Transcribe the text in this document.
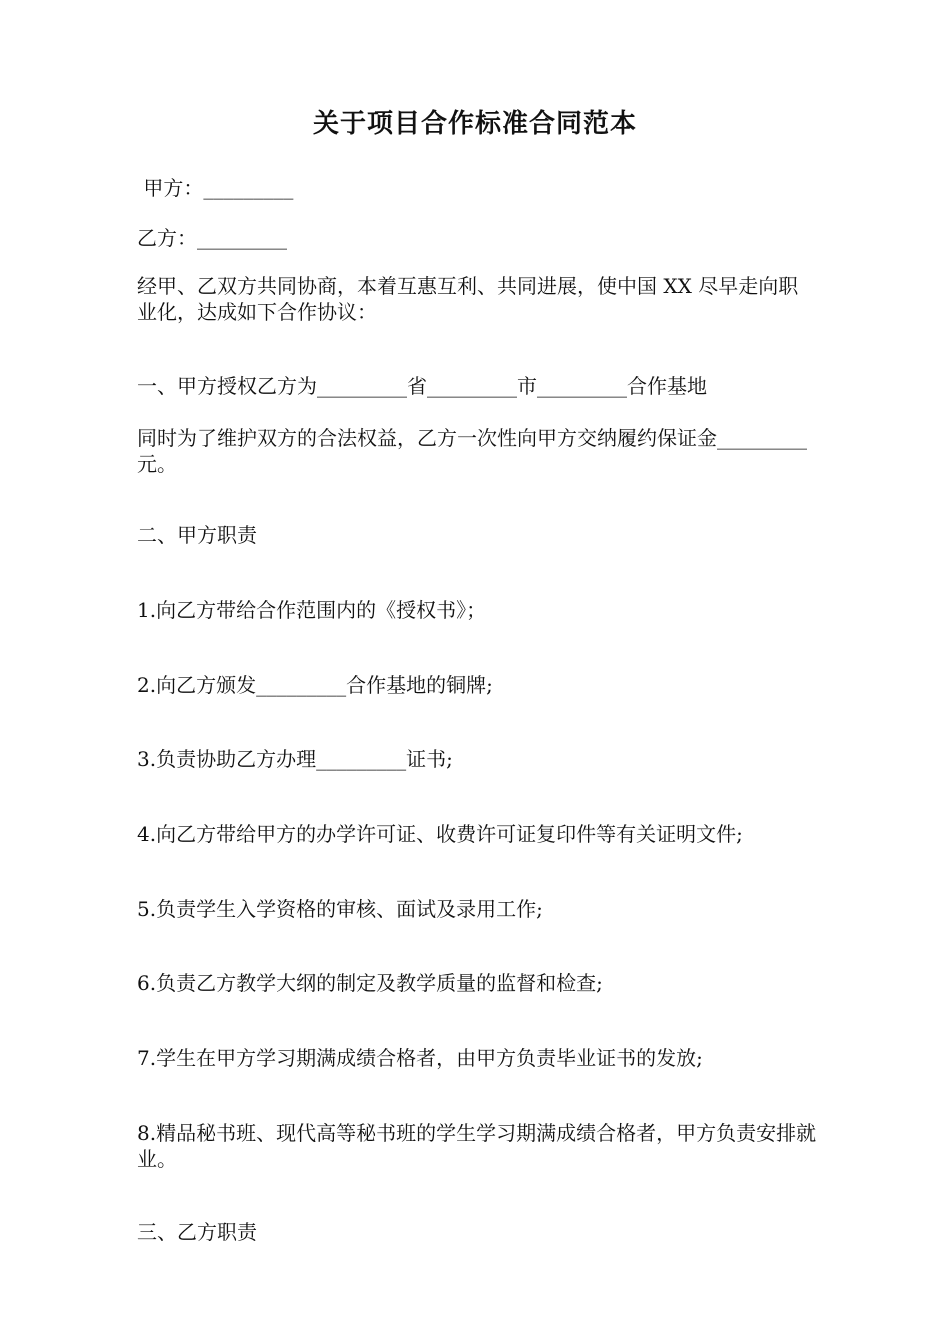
关于项目合作标准合同范本
甲方：_________
乙方：_________
经甲、乙双方共同协商，本着互惠互利、共同进展，使中国 XX 尽早走向职业化，达成如下合作协议：
一、甲方授权乙方为_________省_________市_________合作基地
同时为了维护双方的合法权益，乙方一次性向甲方交纳履约保证金_________元。
二、甲方职责
1.向乙方带给合作范围内的《授权书》；
2.向乙方颁发_________合作基地的铜牌;
3.负责协助乙方办理_________证书;
4.向乙方带给甲方的办学许可证、收费许可证复印件等有关证明文件;
5.负责学生入学资格的审核、面试及录用工作;
6.负责乙方教学大纲的制定及教学质量的监督和检查;
7.学生在甲方学习期满成绩合格者，由甲方负责毕业证书的发放;
8.精品秘书班、现代高等秘书班的学生学习期满成绩合格者，甲方负责安排就业。
三、乙方职责
